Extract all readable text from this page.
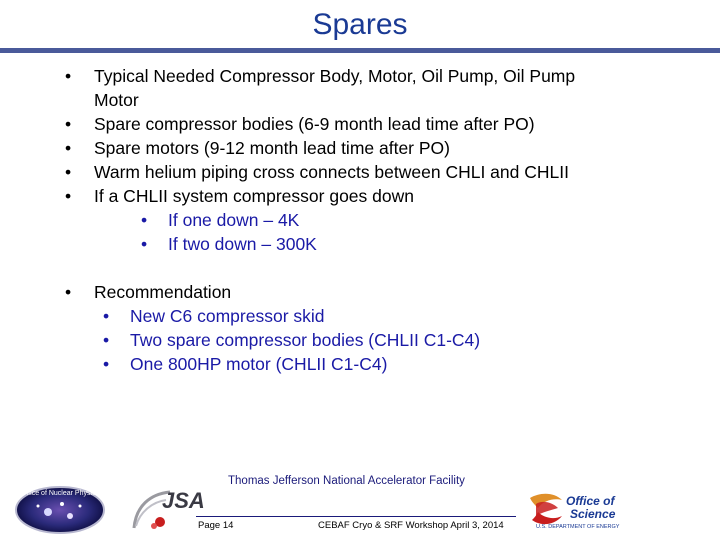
Spares
• Typical Needed Compressor Body, Motor, Oil Pump, Oil Pump
Motor
• Spare compressor bodies (6-9 month lead time after PO)
• Spare motors (9-12 month lead time after PO)
• Warm helium piping cross connects between CHLI and CHLII
• If a CHLII system compressor goes down
• If one down – 4K
• If two down – 300K
• Recommendation
• New C6 compressor skid
• Two spare compressor bodies (CHLII C1-C4)
• One 800HP motor (CHLII C1-C4)
Office of Nuclear Physics	JSA
Thomas Jefferson National Accelerator Facility
Page 14	CEBAF Cryo & SRF Workshop April 3, 2014
Office of
Science
U.S. DEPARTMENT OF ENERGY
